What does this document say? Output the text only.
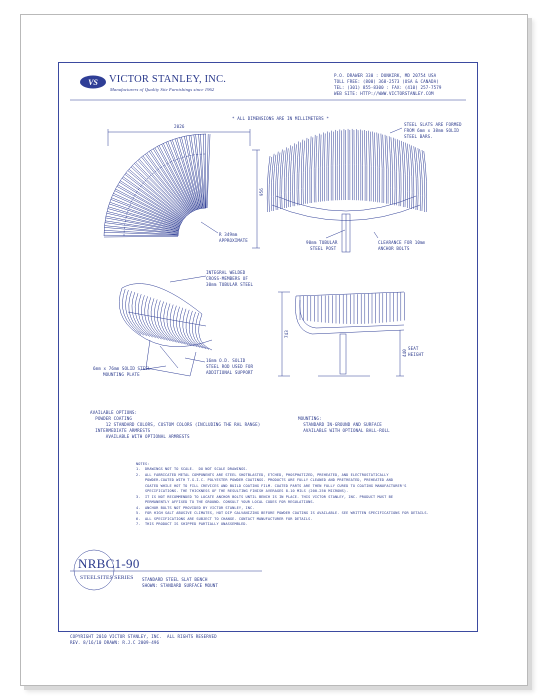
VS VICTOR STANLEY, INC.
Manufacturers of Quality Site Furnishings since 1962
P.O. DRAWER 330 : DUNKIRK, MD 20754 USA
TOLL FREE: (800) 368-2573 (USA & CANADA)
TEL: (301) 855-8300 : FAX: (410) 257-7579
WEB SITE: HTTP://WWW.VICTORSTANLEY.COM
* ALL DIMENSIONS ARE IN MILLIMETERS *
2026
956
R 349mm
APPROXIMATE
STEEL SLATS ARE FORMED
FROM 6mm x 38mm SOLID
STEEL BARS.
90mm TUBULAR
STEEL POST
CLEARANCE FOR 10mm
ANCHOR BOLTS
INTEGRAL WELDED
CROSS-MEMBERS OF
30mm TUBULAR STEEL
6mm x 76mm SOLID STEEL
MOUNTING PLATE
16mm O.D. SOLID
STEEL ROD USED FOR
ADDITIONAL SUPPORT
743
440
SEAT
HEIGHT
AVAILABLE OPTIONS:
POWDER COATING
12 STANDARD COLORS, CUSTOM COLORS (INCLUDING THE RAL RANGE)
INTERMEDIATE ARMRESTS
AVAILABLE WITH OPTIONAL ARMRESTS
MOUNTING:
STANDARD IN-GROUND AND SURFACE
AVAILABLE WITH OPTIONAL BALL-ROLL
NOTES:
1.  DRAWINGS NOT TO SCALE.  DO NOT SCALE DRAWINGS.
2.  ALL FABRICATED METAL COMPONENTS ARE STEEL SHOTBLASTED, ETCHED, PHOSPHATIZED, PREHEATED, AND ELECTROSTATICALLY
POWDER-COATED WITH T.G.I.C. POLYESTER POWDER COATINGS. PRODUCTS ARE FULLY CLEANED AND PRETREATED, PREHEATED AND
COATED WHILE HOT TO FILL CREVICES AND BUILD COATING FILM. COATED PARTS ARE THEN FULLY CURED TO COATING MANUFACTURER'S
SPECIFICATIONS. THE THICKNESS OF THE RESULTING FINISH AVERAGES 8-10 MILS (200-250 MICRONS).
3.  IT IS NOT RECOMMENDED TO LOCATE ANCHOR BOLTS UNTIL BENCH IS IN PLACE. THIS VICTOR STANLEY, INC. PRODUCT MUST BE
PERMANENTLY AFFIXED TO THE GROUND. CONSULT YOUR LOCAL CODES FOR REGULATIONS.
4.  ANCHOR BOLTS NOT PROVIDED BY VICTOR STANLEY, INC.
5.  FOR HIGH SALT ABUSIVE CLIMATES, HOT DIP GALVANIZING BEFORE POWDER COATING IS AVAILABLE. SEE WRITTEN SPECIFICATIONS FOR DETAILS.
6.  ALL SPECIFICATIONS ARE SUBJECT TO CHANGE. CONTACT MANUFACTURER FOR DETAILS.
7.  THIS PRODUCT IS SHIPPED PARTIALLY UNASSEMBLED.
NRBC1-90
STEELSITES SERIES STANDARD STEEL SLAT BENCH
SHOWN: STANDARD SURFACE MOUNT
COPYRIGHT 2010 VICTOR STANLEY, INC.  ALL RIGHTS RESERVED
REV. 8/16/10 DRAWN: R.J.C 2009-496
